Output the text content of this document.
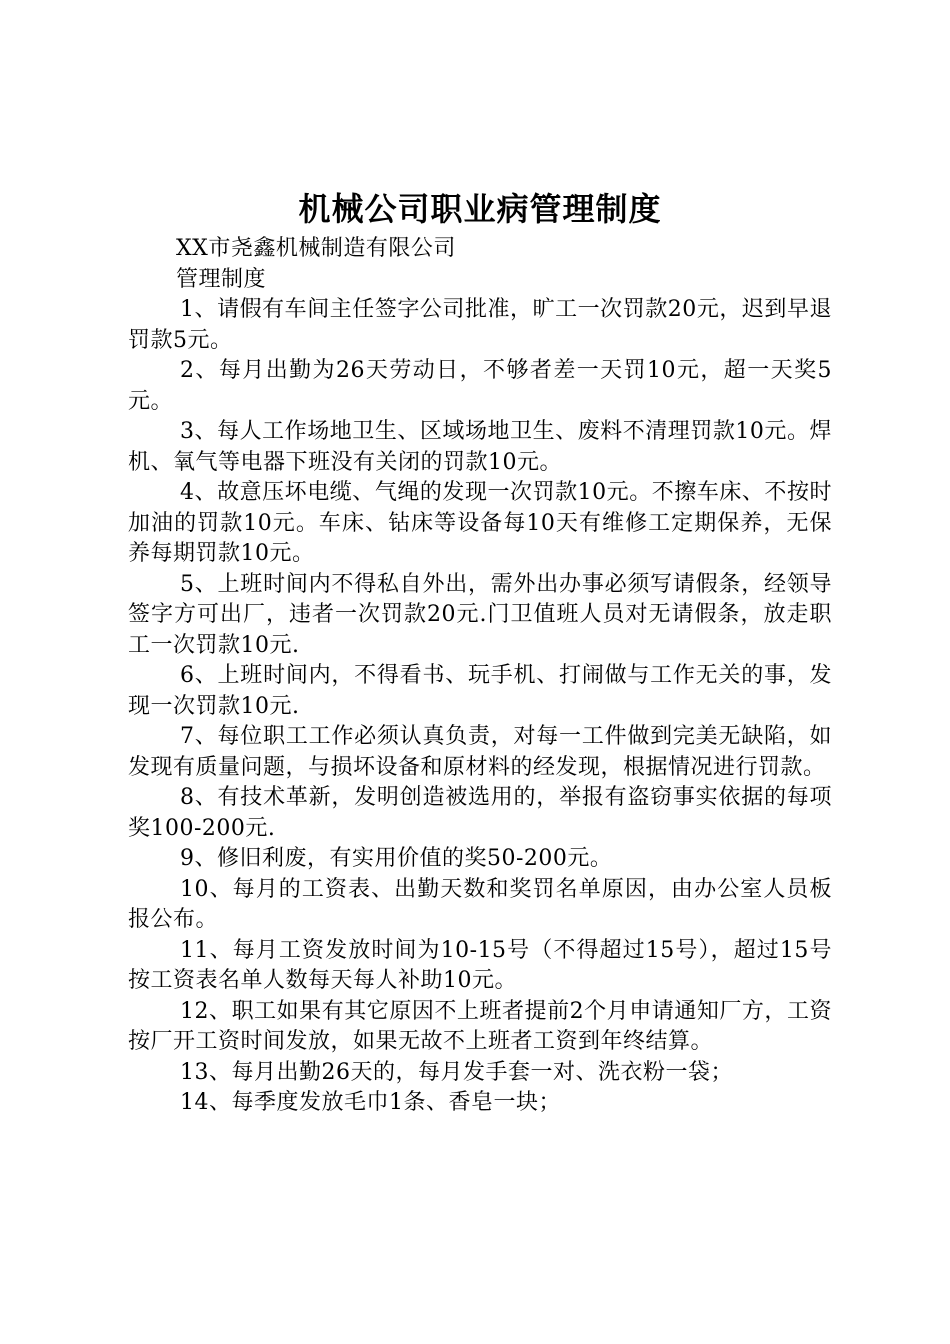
机械公司职业病管理制度

XX市尧鑫机械制造有限公司

管理制度

1、请假有车间主任签字公司批准，旷工一次罚款20元，迟到早退罚款5元。

2、每月出勤为26天劳动日，不够者差一天罚10元，超一天奖5元。

3、每人工作场地卫生、区域场地卫生、废料不清理罚款10元。焊机、氧气等电器下班没有关闭的罚款10元。

4、故意压坏电缆、气绳的发现一次罚款10元。不擦车床、不按时加油的罚款10元。车床、钻床等设备每10天有维修工定期保养，无保养每期罚款10元。

5、上班时间内不得私自外出，需外出办事必须写请假条，经领导签字方可出厂，违者一次罚款20元.门卫值班人员对无请假条，放走职工一次罚款10元.

6、上班时间内，不得看书、玩手机、打闹做与工作无关的事，发现一次罚款10元.

7、每位职工工作必须认真负责，对每一工件做到完美无缺陷，如发现有质量问题，与损坏设备和原材料的经发现，根据情况进行罚款。

8、有技术革新，发明创造被选用的，举报有盗窃事实依据的每项奖100-200元.

9、修旧利废，有实用价值的奖50-200元。

10、每月的工资表、出勤天数和奖罚名单原因，由办公室人员板报公布。

11、每月工资发放时间为10-15号（不得超过15号），超过15号按工资表名单人数每天每人补助10元。

12、职工如果有其它原因不上班者提前2个月申请通知厂方，工资按厂开工资时间发放，如果无故不上班者工资到年终结算。

13、每月出勤26天的，每月发手套一对、洗衣粉一袋；

14、每季度发放毛巾1条、香皂一块；
